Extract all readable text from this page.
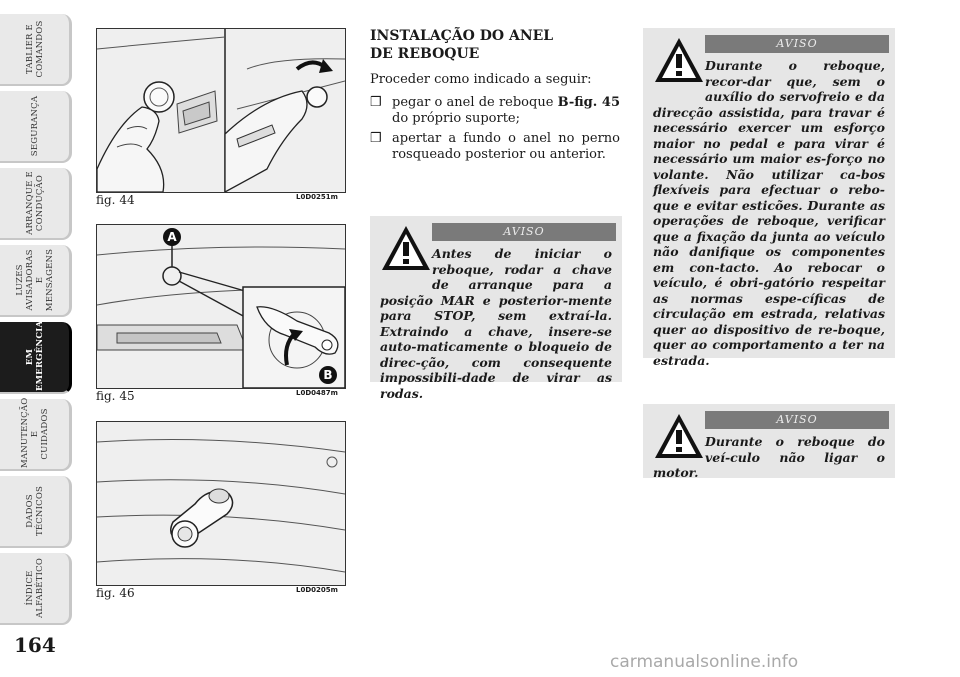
TABLIER E
COMANDOS
SEGURANÇA
ARRANQUE E
CONDUÇÃO
LUZES
AVISADORAS
E MENSAGENS
EM
EMERGÊNCIA
MANUTENÇÃO E
CUIDADOS
DADOS
TÉCNICOS
ÍNDICE
ALFABÉTICO
164
fig. 44	L0D0251m
A
B
fig. 45	L0D0487m
fig. 46	L0D0205m
INSTALAÇÃO DO ANEL
DE REBOQUE
Proceder como indicado a seguir:
❒ pegar o anel de reboque B-fig. 45 do próprio suporte;
❒ apertar a fundo o anel no perno rosqueado posterior ou anterior.
AVISO
Antes de iniciar o reboque, rodar a chave de arranque para a posição MAR e posterior-mente para STOP, sem extraí-la. Extraindo a chave, insere-se auto-maticamente o bloqueio de direc-ção, com consequente impossibili-dade de virar as rodas.
AVISO
Durante o reboque, recor-dar que, sem o auxílio do servofreio e da direcção assistida, para travar é necessário exercer um esforço maior no pedal e para virar é necessário um maior es-forço no volante. Não utilizar ca-bos flexíveis para efectuar o rebo-que e evitar esticões. Durante as operações de reboque, verificar que a fixação da junta ao veículo não danifique os componentes em con-tacto. Ao rebocar o veículo, é obri-gatório respeitar as normas espe-cíficas de circulação em estrada, relativas quer ao dispositivo de re-boque, quer ao comportamento a ter na estrada.
AVISO
Durante o reboque do veí-culo não ligar o motor.
carmanualsonline.info
